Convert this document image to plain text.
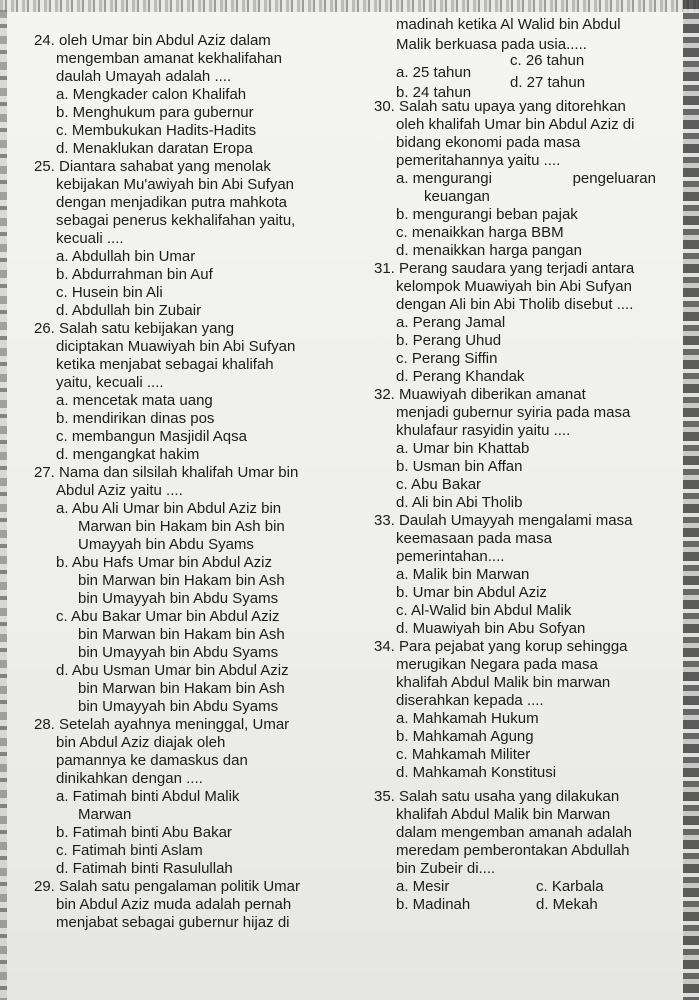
24. oleh Umar bin Abdul Aziz dalam
mengemban amanat kekhalifahan
daulah Umayah adalah ....
a. Mengkader calon Khalifah
b. Menghukum para gubernur
c. Membukukan Hadits-Hadits
d. Menaklukan daratan Eropa
25. Diantara sahabat yang menolak
kebijakan Mu'awiyah bin Abi Sufyan
dengan menjadikan putra mahkota
sebagai penerus kekhalifahan yaitu,
kecuali ....
a. Abdullah bin Umar
b. Abdurrahman bin Auf
c. Husein bin Ali
d. Abdullah bin Zubair
26. Salah satu kebijakan yang
diciptakan Muawiyah bin Abi Sufyan
ketika menjabat sebagai khalifah
yaitu, kecuali ....
a. mencetak mata uang
b. mendirikan dinas pos
c. membangun Masjidil Aqsa
d. mengangkat hakim
27. Nama dan silsilah khalifah Umar bin
Abdul Aziz yaitu ....
a. Abu Ali Umar bin Abdul Aziz bin
Marwan bin Hakam bin Ash bin
Umayyah bin Abdu Syams
b. Abu Hafs Umar bin Abdul Aziz
bin Marwan bin Hakam bin Ash
bin Umayyah bin Abdu Syams
c. Abu Bakar Umar bin Abdul Aziz
bin Marwan bin Hakam bin Ash
bin Umayyah bin Abdu Syams
d. Abu Usman Umar bin Abdul Aziz
bin Marwan bin Hakam bin Ash
bin Umayyah bin Abdu Syams
28. Setelah ayahnya meninggal, Umar
bin Abdul Aziz diajak oleh
pamannya ke damaskus dan
dinikahkan dengan ....
a. Fatimah binti Abdul Malik
Marwan
b. Fatimah binti Abu Bakar
c. Fatimah binti Aslam
d. Fatimah binti Rasulullah
29. Salah satu pengalaman politik Umar
bin Abdul Aziz muda adalah pernah
menjabat sebagai gubernur hijaz di
madinah ketika Al Walid bin Abdul
Malik berkuasa pada usia.....
a. 25 tahun
b. 24 tahun
c. 26 tahun
d. 27 tahun
30. Salah satu upaya yang ditorehkan
oleh khalifah Umar bin Abdul Aziz di
bidang ekonomi pada masa
pemeritahannya yaitu ....
a. mengurangi	pengeluaran
keuangan
b. mengurangi beban pajak
c. menaikkan harga BBM
d. menaikkan harga pangan
31. Perang saudara yang terjadi antara
kelompok Muawiyah bin Abi Sufyan
dengan Ali bin Abi Tholib disebut ....
a. Perang Jamal
b. Perang Uhud
c. Perang Siffin
d. Perang Khandak
32. Muawiyah diberikan amanat
menjadi gubernur syiria pada masa
khulafaur rasyidin yaitu ....
a. Umar bin Khattab
b. Usman bin Affan
c. Abu Bakar
d. Ali bin Abi Tholib
33. Daulah Umayyah mengalami masa
keemasaan pada masa
pemerintahan....
a. Malik bin Marwan
b. Umar bin Abdul Aziz
c. Al-Walid bin Abdul Malik
d. Muawiyah bin Abu Sofyan
34. Para pejabat yang korup sehingga
merugikan Negara pada masa
khalifah Abdul Malik bin marwan
diserahkan kepada ....
a. Mahkamah Hukum
b. Mahkamah Agung
c. Mahkamah Militer
d. Mahkamah Konstitusi
35. Salah satu usaha yang dilakukan
khalifah Abdul Malik bin Marwan
dalam mengemban amanah adalah
meredam pemberontakan Abdullah
bin Zubeir di....
a. Mesir
b. Madinah
c. Karbala
d. Mekah
